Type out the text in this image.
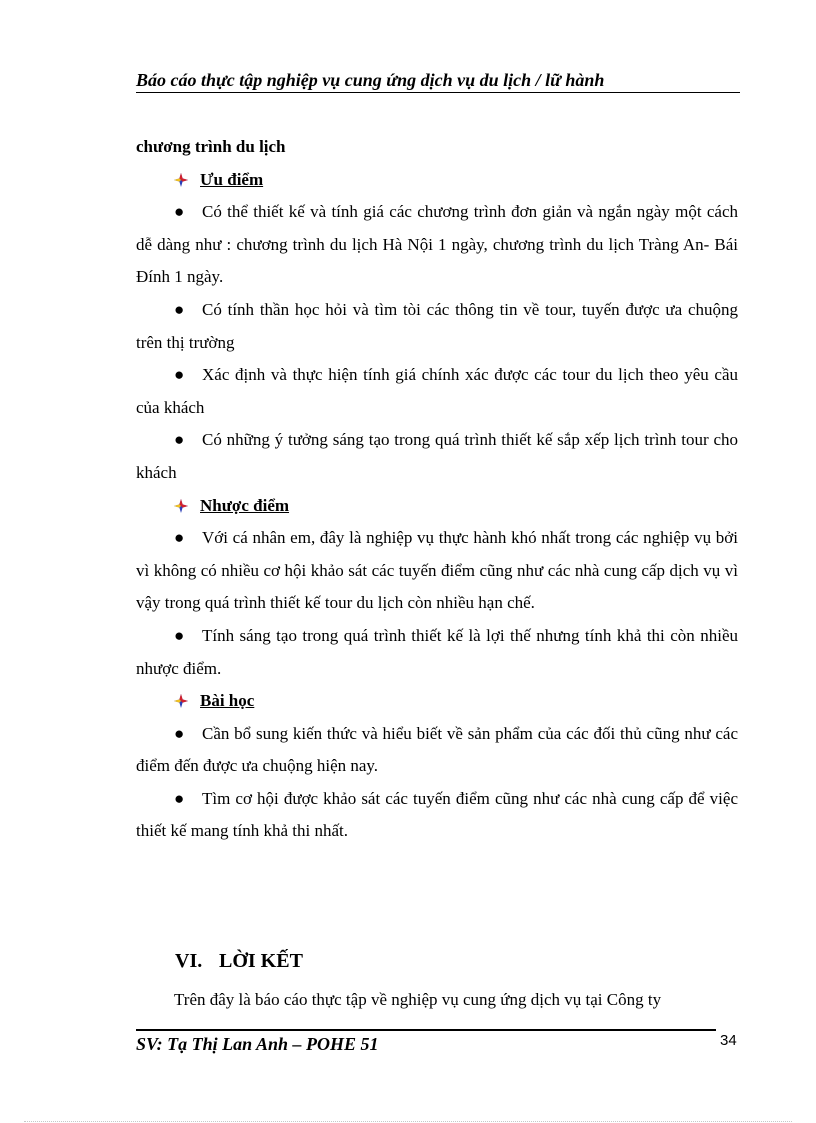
Báo cáo thực tập nghiệp vụ cung ứng dịch vụ du lịch / lữ hành

chương trình du lịch

Ưu điểm

● Có thể thiết kế và tính giá các chương trình đơn giản và ngắn ngày một cách dễ dàng như : chương trình du lịch Hà Nội 1 ngày, chương trình du lịch Tràng An- Bái Đính 1 ngày.

● Có tính thần học hỏi và tìm tòi các thông tin về tour, tuyến được ưa chuộng trên thị trường

● Xác định và thực hiện tính giá chính xác được các tour du lịch theo yêu cầu của khách

● Có những ý tưởng sáng tạo trong quá trình thiết kế sắp xếp lịch trình tour cho khách

Nhược điểm

● Với cá nhân em, đây là nghiệp vụ thực hành khó nhất trong các nghiệp vụ bởi vì không có nhiều cơ hội khảo sát các tuyến điểm cũng như các nhà cung cấp dịch vụ vì vậy trong quá trình thiết kế tour du lịch còn nhiều hạn chế.

● Tính sáng tạo trong quá trình thiết kế là lợi thế nhưng tính khả thi còn nhiều nhược điểm.

Bài học

● Cần bổ sung kiến thức và hiểu biết về sản phẩm của các đối thủ cũng như các điểm đến được ưa chuộng hiện nay.

● Tìm cơ hội được khảo sát các tuyến điểm cũng như các nhà cung cấp để việc thiết kế mang tính khả thi nhất.

VI. LỜI KẾT
Trên đây là báo cáo thực tập về nghiệp vụ cung ứng dịch vụ tại Công ty
SV: Tạ Thị Lan Anh – POHE 51	34
